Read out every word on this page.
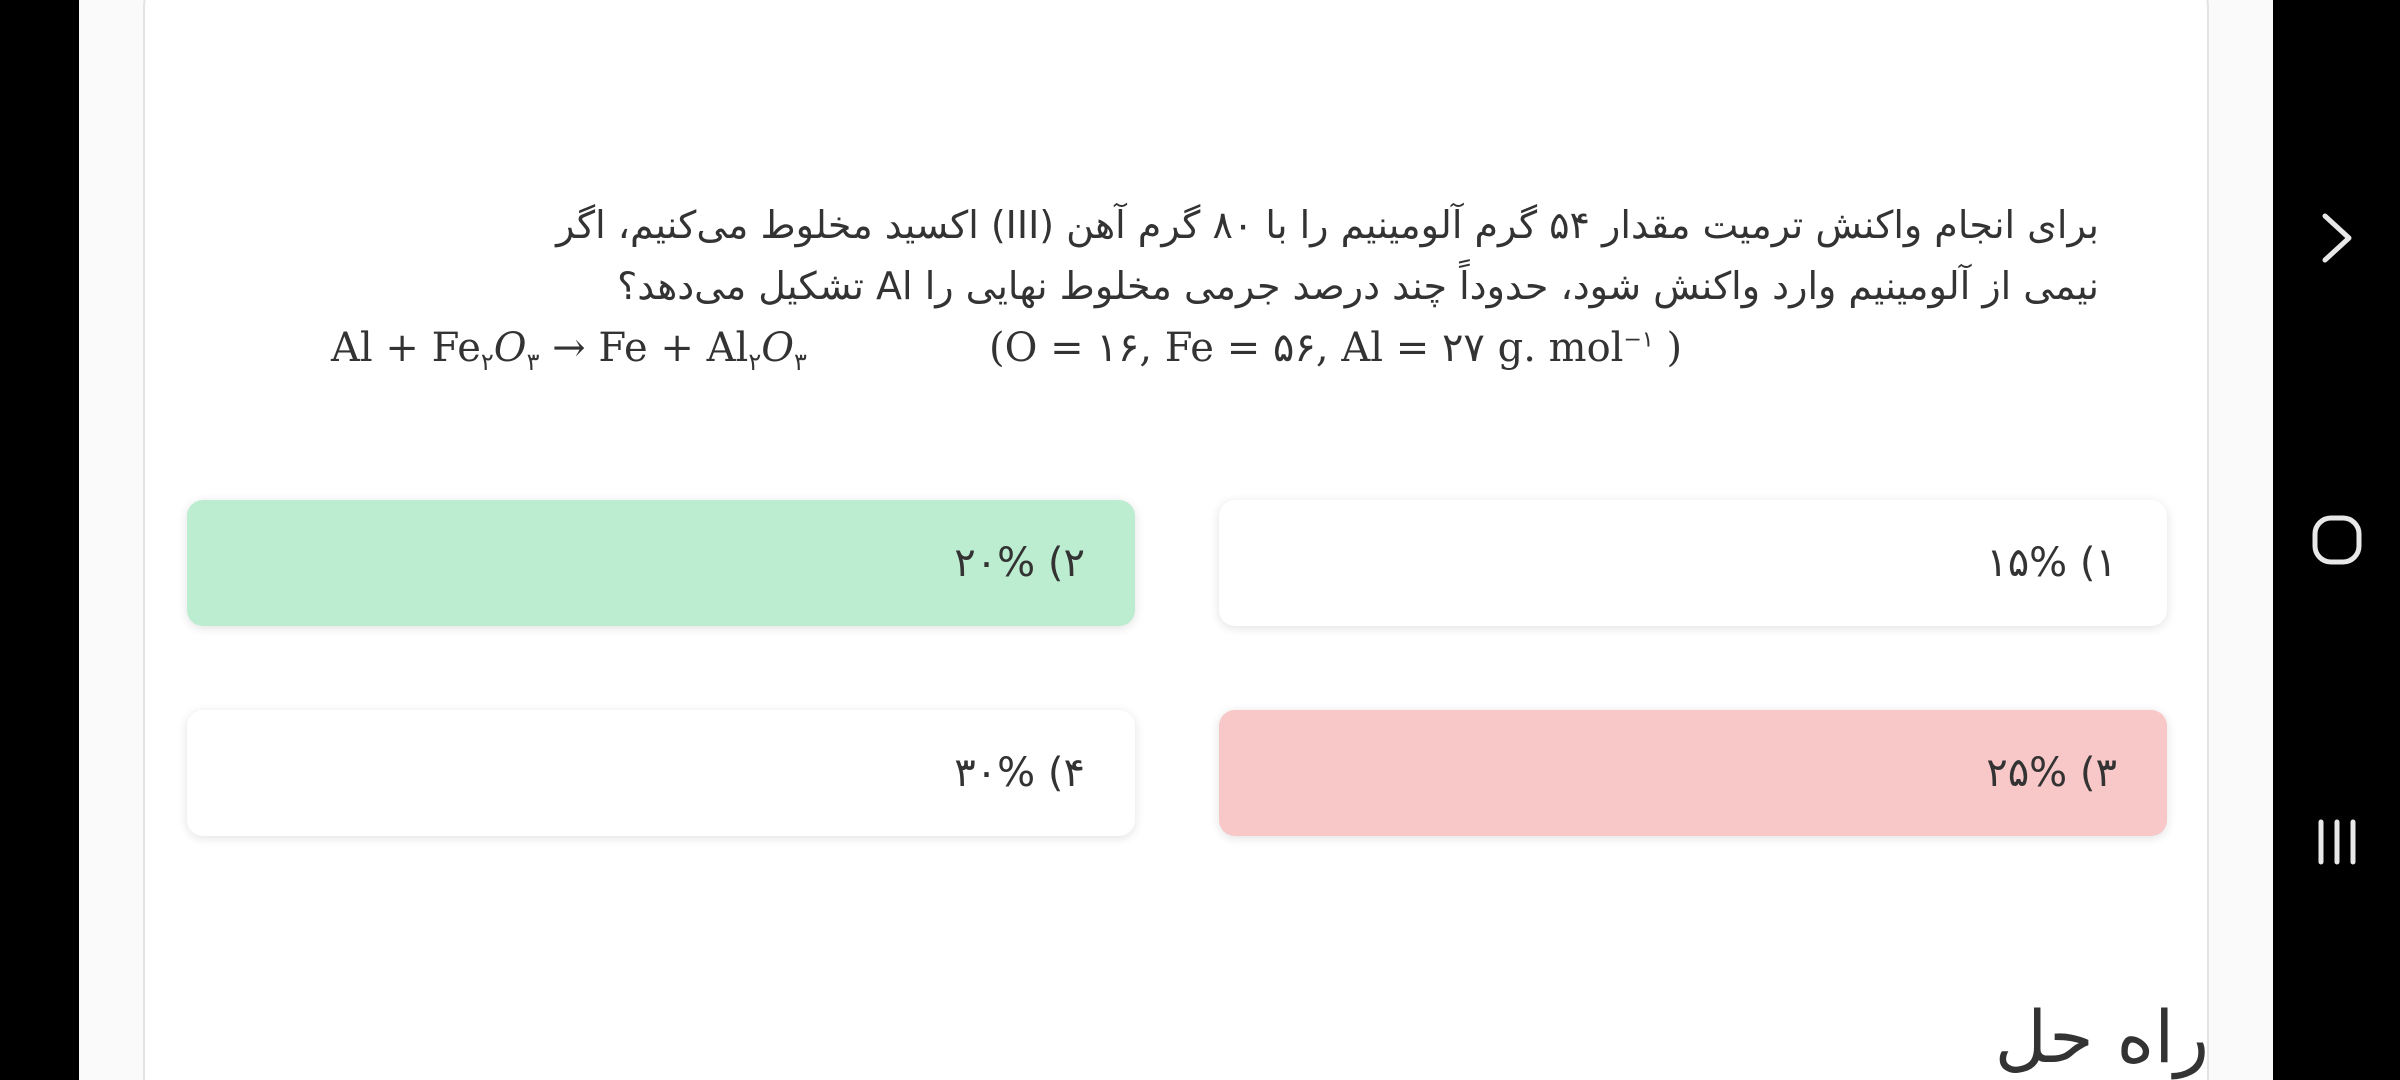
برای انجام واکنش ترمیت مقدار ۵۴ گرم آلومینیم را با ۸۰ گرم آهن (III) اکسید مخلوط می‌کنیم، اگر

نیمی از آلومینیم وارد واکنش شود، حدوداً چند درصد جرمی مخلوط نهایی را Al تشکیل می‌دهد؟

$Al + Fe_۲O_۳ \to Fe + Al_۲O_۳$	(O = ۱۶, Fe = ۵۶, Al = ۲۷ g. mol$^{-۱}$ )
۱) ۱۵%
۲) ۲۰%
۳) ۲۵%
۴) ۳۰%
راه حل
